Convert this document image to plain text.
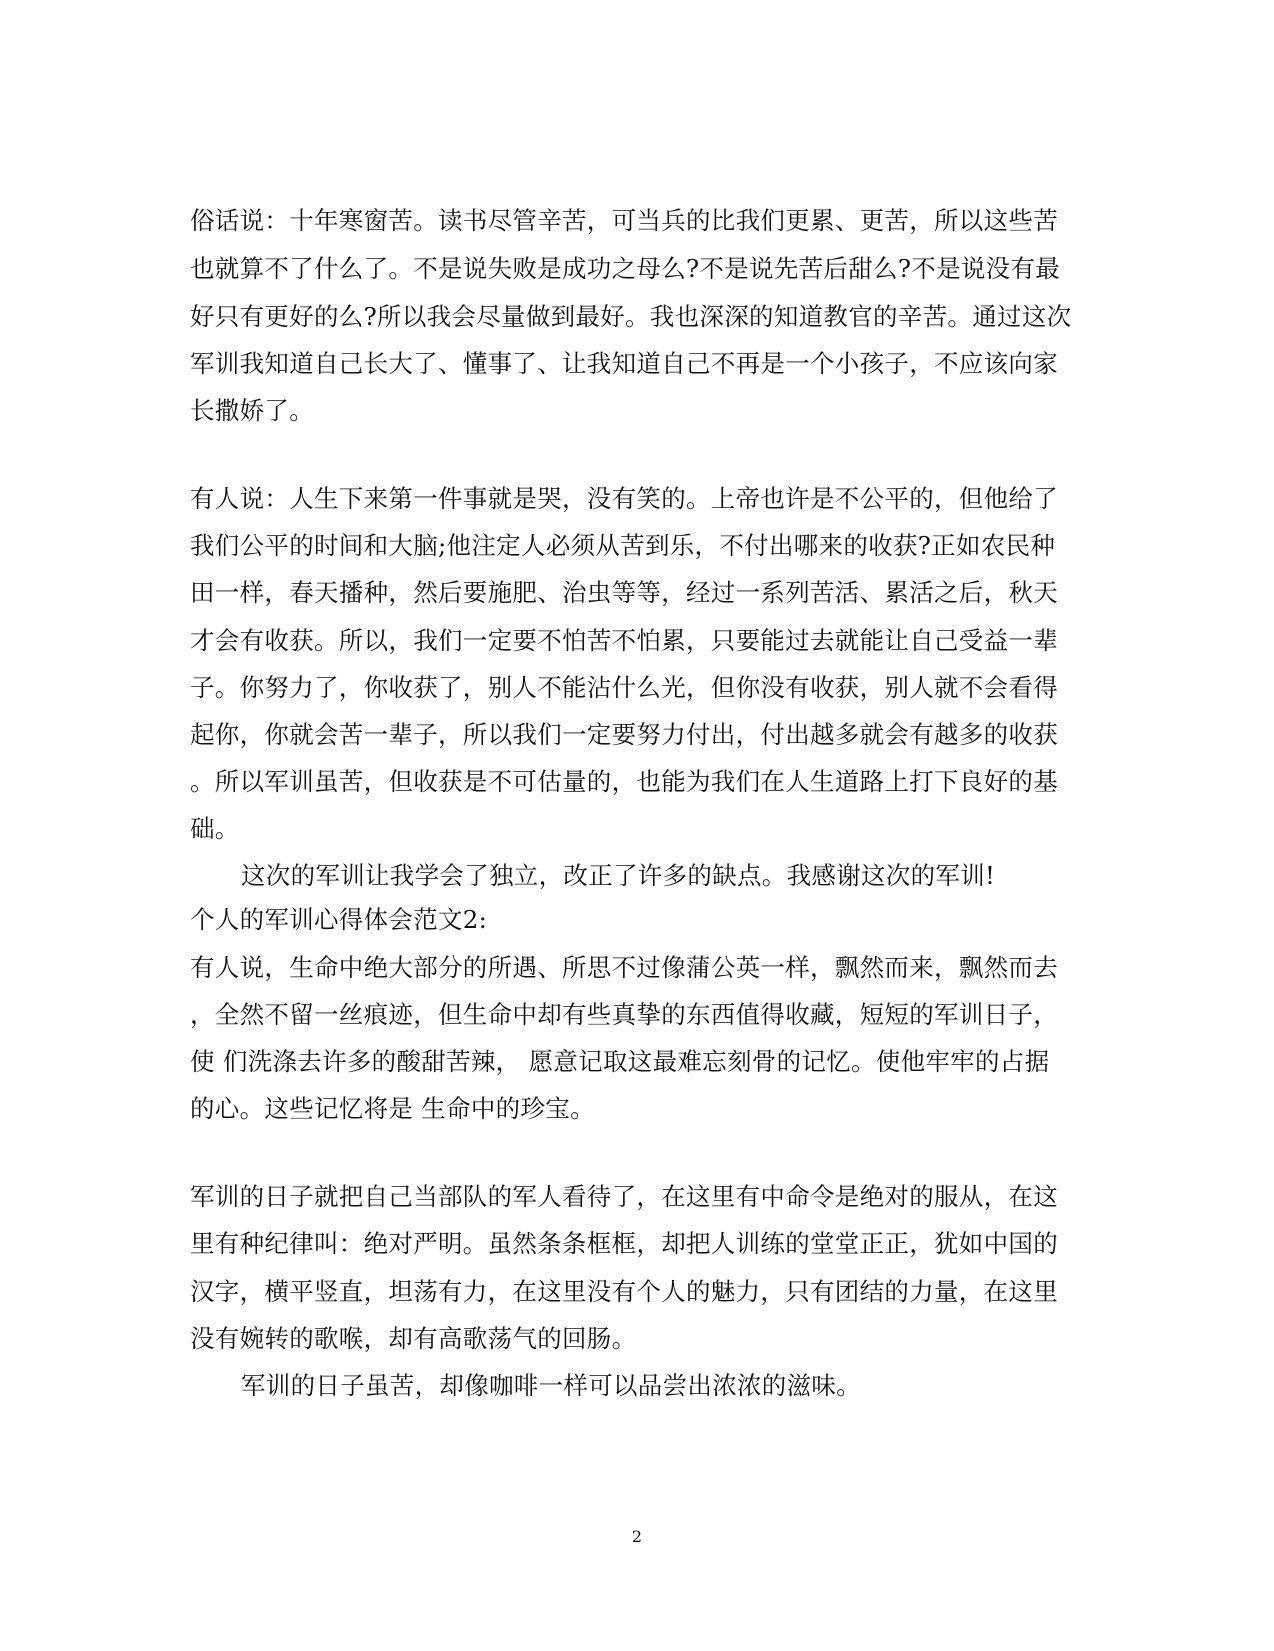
俗话说：十年寒窗苦。读书尽管辛苦，可当兵的比我们更累、更苦，所以这些苦
也就算不了什么了。不是说失败是成功之母么?不是说先苦后甜么?不是说没有最
好只有更好的么?所以我会尽量做到最好。我也深深的知道教官的辛苦。通过这次
军训我知道自己长大了、懂事了、让我知道自己不再是一个小孩子，不应该向家
长撒娇了。
有人说：人生下来第一件事就是哭，没有笑的。上帝也许是不公平的，但他给了
我们公平的时间和大脑;他注定人必须从苦到乐，不付出哪来的收获?正如农民种
田一样，春天播种，然后要施肥、治虫等等，经过一系列苦活、累活之后，秋天
才会有收获。所以，我们一定要不怕苦不怕累，只要能过去就能让自己受益一辈
子。你努力了，你收获了，别人不能沾什么光，但你没有收获，别人就不会看得
起你，你就会苦一辈子，所以我们一定要努力付出，付出越多就会有越多的收获
。所以军训虽苦，但收获是不可估量的，也能为我们在人生道路上打下良好的基
础。
这次的军训让我学会了独立，改正了许多的缺点。我感谢这次的军训!
个人的军训心得体会范文2:
有人说，生命中绝大部分的所遇、所思不过像蒲公英一样，飘然而来，飘然而去
，全然不留一丝痕迹，但生命中却有些真挚的东西值得收藏，短短的军训日子，
使 们洗涤去许多的酸甜苦辣， 愿意记取这最难忘刻骨的记忆。使他牢牢的占据
的心。这些记忆将是 生命中的珍宝。
军训的日子就把自己当部队的军人看待了，在这里有中命令是绝对的服从，在这
里有种纪律叫：绝对严明。虽然条条框框，却把人训练的堂堂正正，犹如中国的
汉字，横平竖直，坦荡有力，在这里没有个人的魅力，只有团结的力量，在这里
没有婉转的歌喉，却有高歌荡气的回肠。
军训的日子虽苦，却像咖啡一样可以品尝出浓浓的滋味。
2
